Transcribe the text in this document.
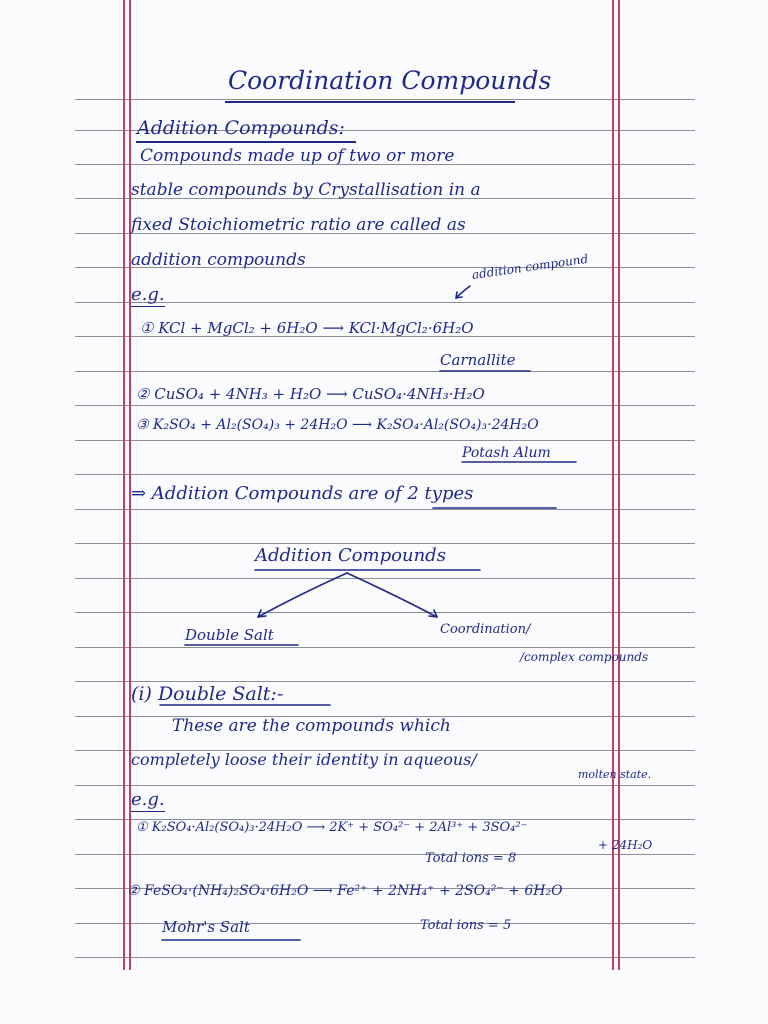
Coordination Compounds
Addition Compounds:
Compounds made up of two or more
stable compounds by Crystallisation in a
fixed Stoichiometric ratio are called as
addition compounds
e.g.
addition compound
① KCl + MgCl₂ + 6H₂O ⟶ KCl·MgCl₂·6H₂O
Carnallite
② CuSO₄ + 4NH₃ + H₂O ⟶ CuSO₄·4NH₃·H₂O
③ K₂SO₄ + Al₂(SO₄)₃ + 24H₂O ⟶ K₂SO₄·Al₂(SO₄)₃·24H₂O
Potash Alum
⇒ Addition Compounds are of 2 types
Addition Compounds
Double Salt	Coordination/
/complex compounds
(i) Double Salt:-
These are the compounds which
completely loose their identity in aqueous/
molten state.
e.g.
① K₂SO₄·Al₂(SO₄)₃·24H₂O ⟶ 2K⁺ + SO₄²⁻ + 2Al³⁺ + 3SO₄²⁻
+ 24H₂O
Total ions = 8
② FeSO₄·(NH₄)₂SO₄·6H₂O ⟶ Fe²⁺ + 2NH₄⁺ + 2SO₄²⁻ + 6H₂O
Mohr's Salt	Total ions = 5
